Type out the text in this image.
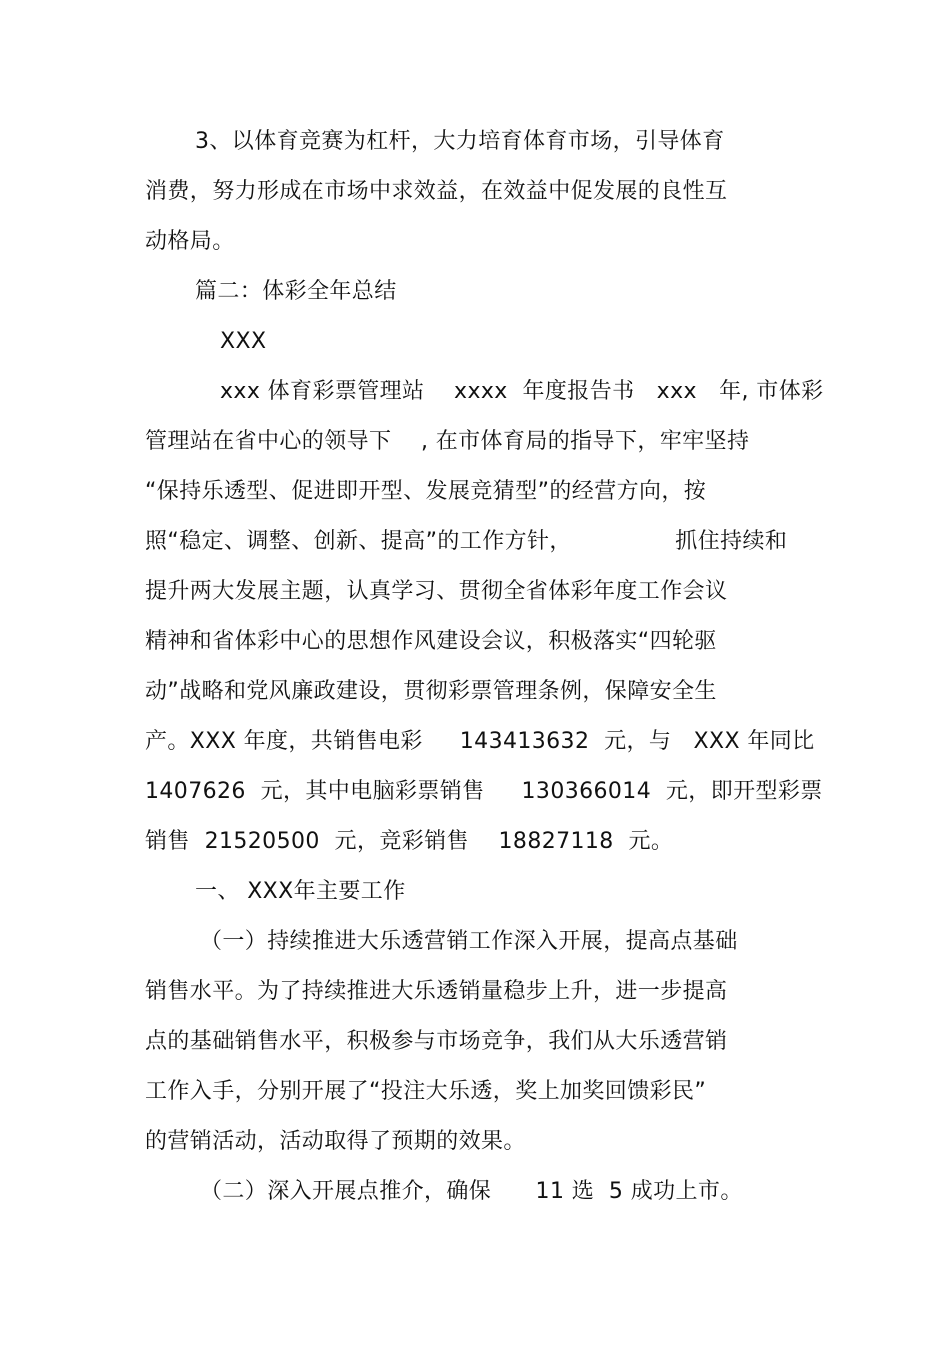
3、以体育竞赛为杠杆，大力培育体育市场，引导体育
消费，努力形成在市场中求效益，在效益中促发展的良性互
动格局。
篇二：体彩全年总结
XXX
xxx 体育彩票管理站    xxxx  年度报告书   xxx   年, 市体彩
管理站在省中心的领导下    , 在市体育局的指导下，牢牢坚持
“保持乐透型、促进即开型、发展竞猜型”的经营方向，按
照“稳定、调整、创新、提高”的工作方针，              抓住持续和
提升两大发展主题，认真学习、贯彻全省体彩年度工作会议
精神和省体彩中心的思想作风建设会议，积极落实“四轮驱
动”战略和党风廉政建设，贯彻彩票管理条例，保障安全生
产。XXX 年度，共销售电彩     143413632  元，与   XXX 年同比
1407626  元，其中电脑彩票销售     130366014  元，即开型彩票
销售  21520500  元，竞彩销售    18827118  元。
一、 XXX年主要工作
（一）持续推进大乐透营销工作深入开展，提高点基础
销售水平。为了持续推进大乐透销量稳步上升，进一步提高
点的基础销售水平，积极参与市场竞争，我们从大乐透营销
工作入手，分别开展了“投注大乐透，奖上加奖回馈彩民”
的营销活动，活动取得了预期的效果。
（二）深入开展点推介，确保      11 选  5 成功上市。
